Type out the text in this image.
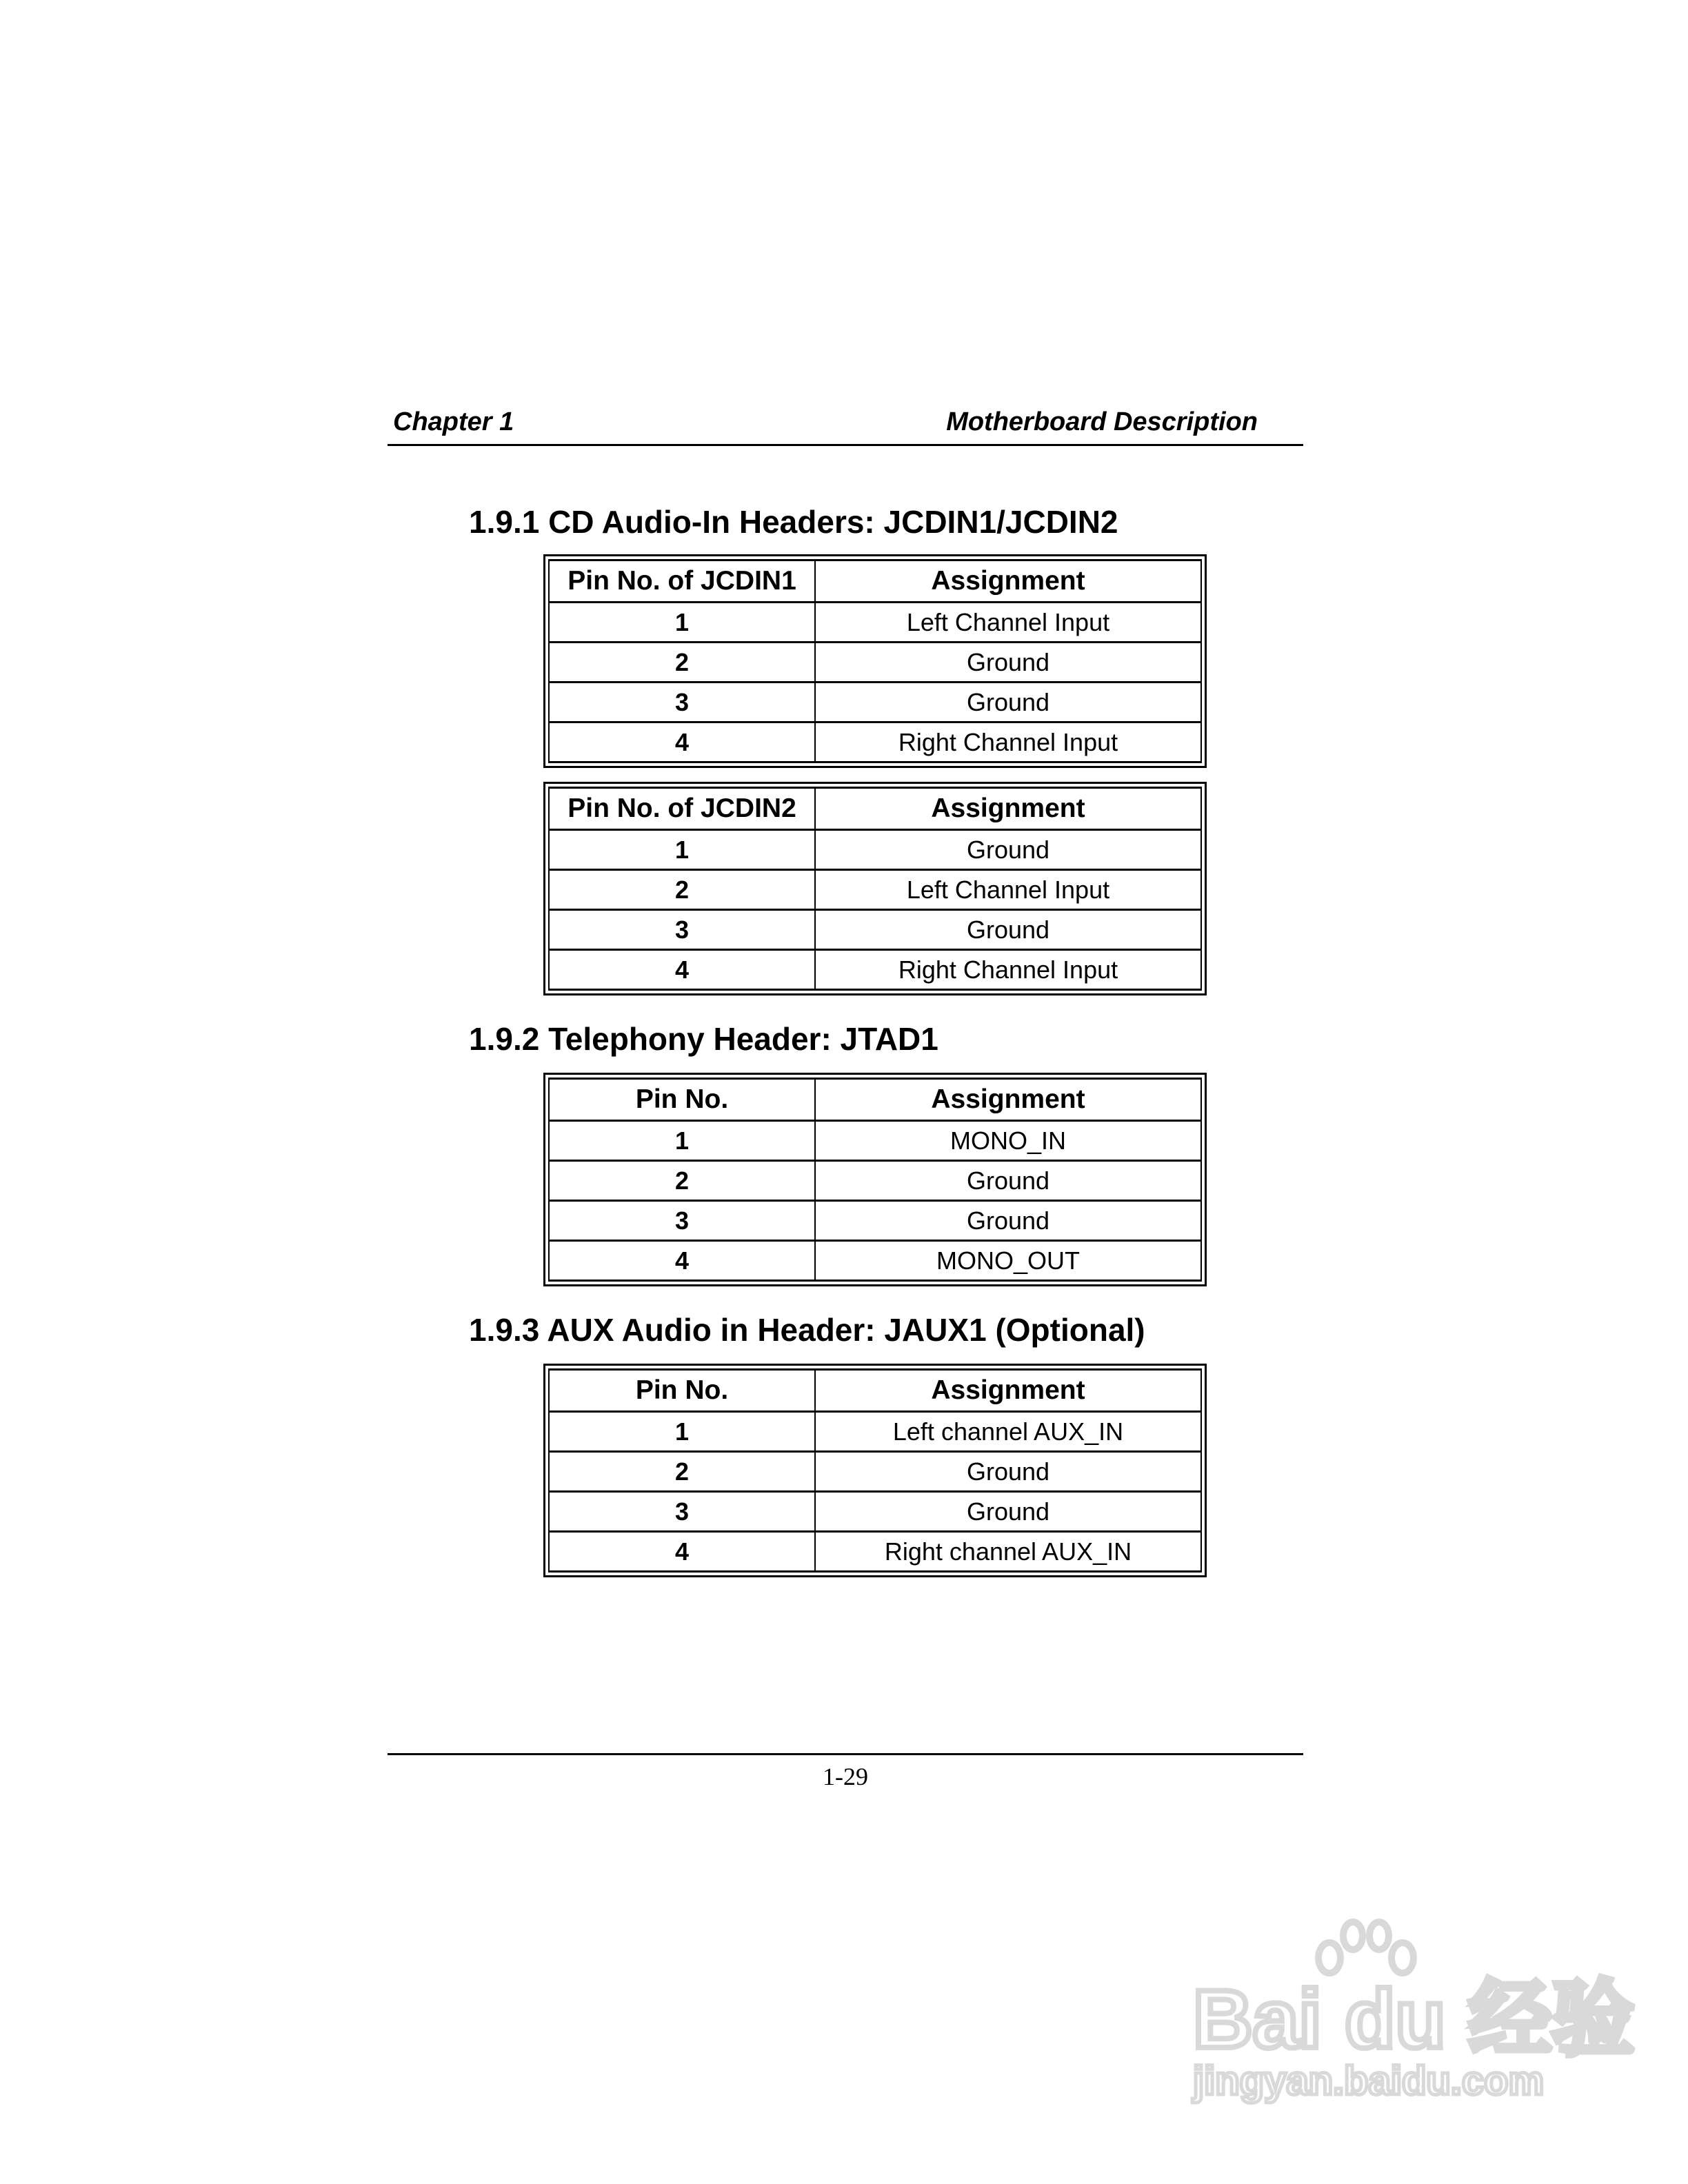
Chapter 1	Motherboard Description
1.9.1 CD Audio-In Headers: JCDIN1/JCDIN2
Pin No. of JCDIN1	Assignment
1	Left Channel Input
2	Ground
3	Ground
4	Right Channel Input
Pin No. of JCDIN2	Assignment
1	Ground
2	Left Channel Input
3	Ground
4	Right Channel Input
1.9.2 Telephony Header: JTAD1
Pin No.	Assignment
1	MONO_IN
2	Ground
3	Ground
4	MONO_OUT
1.9.3 AUX Audio in Header: JAUX1 (Optional)
Pin No.	Assignment
1	Left channel AUX_IN
2	Ground
3	Ground
4	Right channel AUX_IN
1-29
Bai du 经验
jingyan.baidu.com
